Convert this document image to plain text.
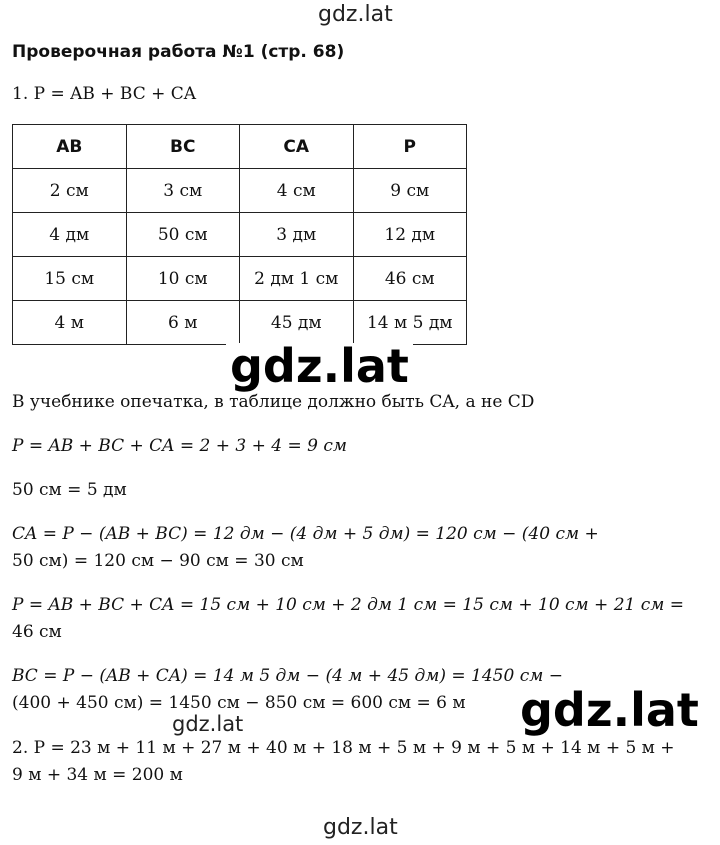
gdz.lat
Проверочная работа №1 (стр. 68)

1. P = AB + BC + CA

AB	BC	CA	P
2 см	3 см	4 см	9 см
4 дм	50 см	3 дм	12 дм
15 см	10 см	2 дм 1 см	46 см
4 м	6 м	45 дм	14 м 5 дм
gdz.lat

В учебнике опечатка, в таблице должно быть CA, а не CD

P = AB + BC + CA = 2 + 3 + 4 = 9 см

50 см = 5 дм

CA = P − (AB + BC) = 12 дм − (4 дм + 5 дм) = 120 см − (40 см +

50 см) = 120 см − 90 см = 30 см

P = AB + BC + CA = 15 см + 10 см + 2 дм 1 см = 15 см + 10 см + 21 см =

46 см

BC = P − (AB + CA) = 14 м 5 дм − (4 м + 45 дм) = 1450 см −

(400 + 450 см) = 1450 см − 850 см = 600 см = 6 м

gdz.lat	gdz.lat

2. P = 23 м + 11 м + 27 м + 40 м + 18 м + 5 м + 9 м + 5 м + 14 м + 5 м +

9 м + 34 м = 200 м

gdz.lat
